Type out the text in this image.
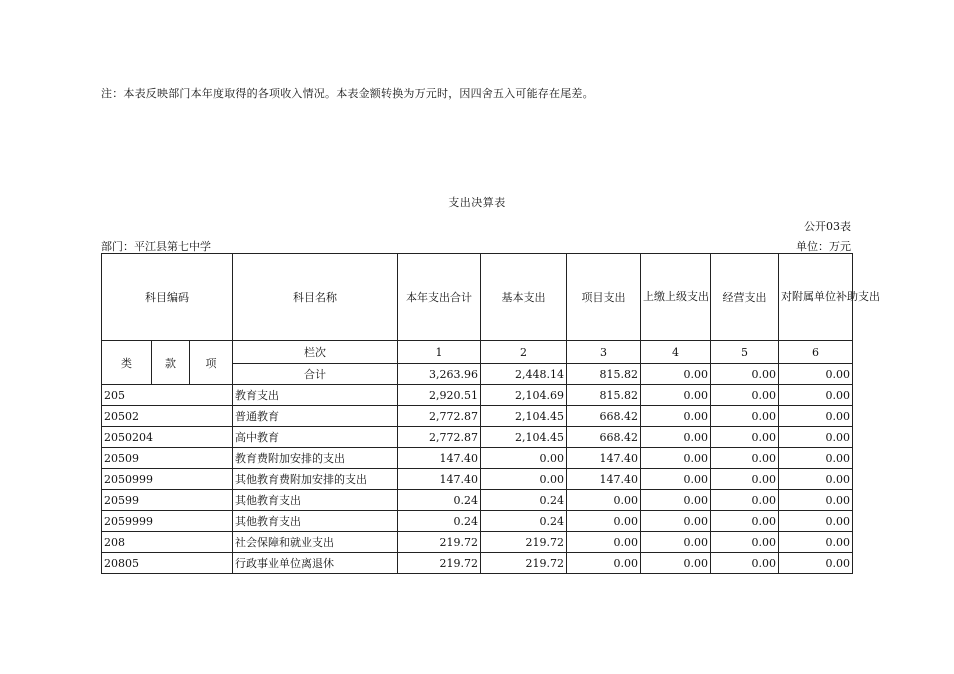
注：本表反映部门本年度取得的各项收入情况。本表金额转换为万元时，因四舍五入可能存在尾差。
支出决算表
公开03表
部门：平江县第七中学	单位：万元
科目编码			科目名称	本年支出合计	基本支出	项目支出	上缴上级支出	经营支出	对附属单位补助支出
类	款	项	栏次	1	2	3	4	5	6
			合计	3,263.96	2,448.14	815.82	0.00	0.00	0.00
205			教育支出	2,920.51	2,104.69	815.82	0.00	0.00	0.00
20502			普通教育	2,772.87	2,104.45	668.42	0.00	0.00	0.00
2050204			高中教育	2,772.87	2,104.45	668.42	0.00	0.00	0.00
20509			教育费附加安排的支出	147.40	0.00	147.40	0.00	0.00	0.00
2050999			其他教育费附加安排的支出	147.40	0.00	147.40	0.00	0.00	0.00
20599			其他教育支出	0.24	0.24	0.00	0.00	0.00	0.00
2059999			其他教育支出	0.24	0.24	0.00	0.00	0.00	0.00
208			社会保障和就业支出	219.72	219.72	0.00	0.00	0.00	0.00
20805			行政事业单位离退休	219.72	219.72	0.00	0.00	0.00	0.00
